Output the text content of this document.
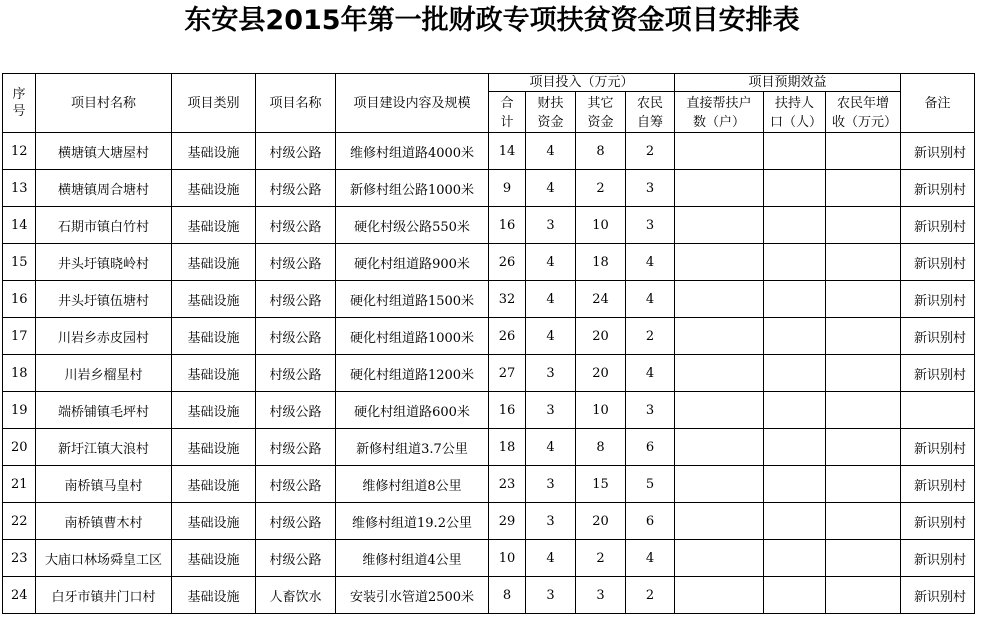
东安县2015年第一批财政专项扶贫资金项目安排表
序号	项目村名称	项目类别	项目名称	项目建设内容及规模	项目投入（万元）				项目预期效益			备注
					合计	财扶资金	其它资金	农民自筹	直接帮扶户数（户）	扶持人口（人）	农民年增收（万元）	
12	横塘镇大塘屋村	基础设施	村级公路	维修村组道路4000米	14	4	8	2				新识别村
13	横塘镇周合塘村	基础设施	村级公路	新修村组公路1000米	9	4	2	3				新识别村
14	石期市镇白竹村	基础设施	村级公路	硬化村级公路550米	16	3	10	3				新识别村
15	井头圩镇晓岭村	基础设施	村级公路	硬化村组道路900米	26	4	18	4				新识别村
16	井头圩镇伍塘村	基础设施	村级公路	硬化村组道路1500米	32	4	24	4				新识别村
17	川岩乡赤皮园村	基础设施	村级公路	硬化村组道路1000米	26	4	20	2				新识别村
18	川岩乡榴星村	基础设施	村级公路	硬化村组道路1200米	27	3	20	4				新识别村
19	端桥铺镇毛坪村	基础设施	村级公路	硬化村组道路600米	16	3	10	3				
20	新圩江镇大浪村	基础设施	村级公路	新修村组道3.7公里	18	4	8	6				新识别村
21	南桥镇马皇村	基础设施	村级公路	维修村组道8公里	23	3	15	5				新识别村
22	南桥镇曹木村	基础设施	村级公路	维修村组道19.2公里	29	3	20	6				新识别村
23	大庙口林场舜皇工区	基础设施	村级公路	维修村组道4公里	10	4	2	4				新识别村
24	白牙市镇井门口村	基础设施	人畜饮水	安装引水管道2500米	8	3	3	2				新识别村
